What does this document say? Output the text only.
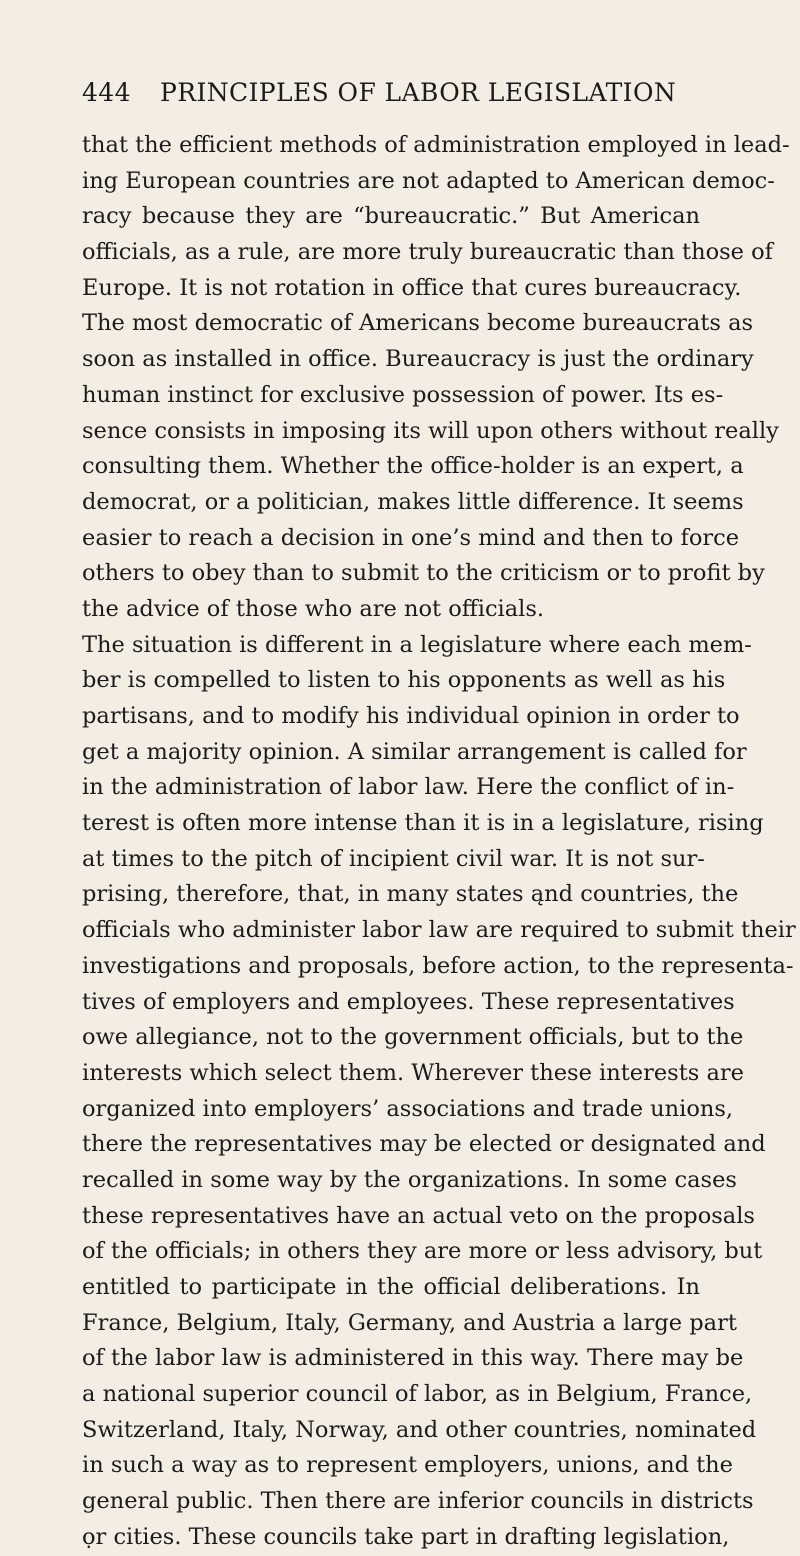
444 PRINCIPLES OF LABOR LEGISLATION
that the efficient methods of administration employed in lead-
ing European countries are not adapted to American democ-
racy because they are “bureaucratic.” But American
officials, as a rule, are more truly bureaucratic than those of
Europe. It is not rotation in office that cures bureaucracy.
The most democratic of Americans become bureaucrats as
soon as installed in office. Bureaucracy is just the ordinary
human instinct for exclusive possession of power. Its es-
sence consists in imposing its will upon others without really
consulting them. Whether the office-holder is an expert, a
democrat, or a politician, makes little difference. It seems
easier to reach a decision in one’s mind and then to force
others to obey than to submit to the criticism or to profit by
the advice of those who are not officials.
The situation is different in a legislature where each mem-
ber is compelled to listen to his opponents as well as his
partisans, and to modify his individual opinion in order to
get a majority opinion. A similar arrangement is called for
in the administration of labor law. Here the conflict of in-
terest is often more intense than it is in a legislature, rising
at times to the pitch of incipient civil war. It is not sur-
prising, therefore, that, in many states ąnd countries, the
officials who administer labor law are required to submit their
investigations and proposals, before action, to the representa-
tives of employers and employees. These representatives
owe allegiance, not to the government officials, but to the
interests which select them. Wherever these interests are
organized into employers’ associations and trade unions,
there the representatives may be elected or designated and
recalled in some way by the organizations. In some cases
these representatives have an actual veto on the proposals
of the officials; in others they are more or less advisory, but
entitled to participate in the official deliberations. In
France, Belgium, Italy, Germany, and Austria a large part
of the labor law is administered in this way. There may be
a national superior council of labor, as in Belgium, France,
Switzerland, Italy, Norway, and other countries, nominated
in such a way as to represent employers, unions, and the
general public. Then there are inferior councils in districts
ọr cities. These councils take part in drafting legislation,
